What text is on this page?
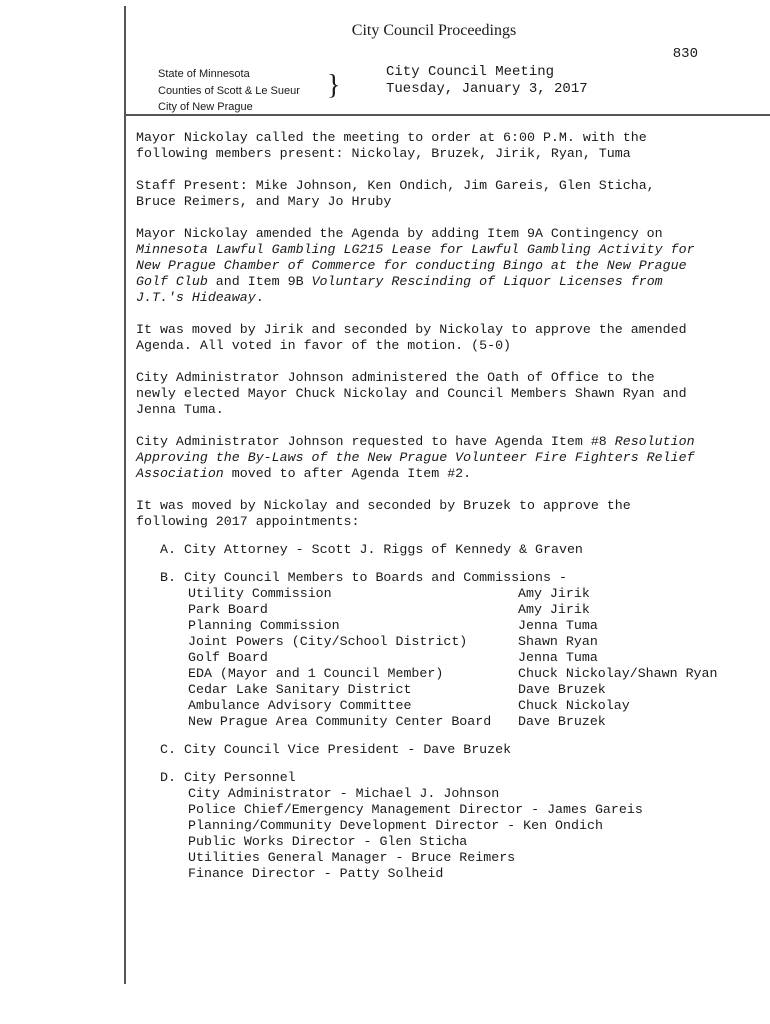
City Council Proceedings
830
State of Minnesota
Counties of Scott & Le Sueur
City of New Prague
}	City Council Meeting
Tuesday, January 3, 2017
Mayor Nickolay called the meeting to order at 6:00 P.M. with the
following members present: Nickolay, Bruzek, Jirik, Ryan, Tuma
Staff Present: Mike Johnson, Ken Ondich, Jim Gareis, Glen Sticha,
Bruce Reimers, and Mary Jo Hruby
Mayor Nickolay amended the Agenda by adding Item 9A Contingency on
Minnesota Lawful Gambling LG215 Lease for Lawful Gambling Activity for
New Prague Chamber of Commerce for conducting Bingo at the New Prague
Golf Club and Item 9B Voluntary Rescinding of Liquor Licenses from
J.T.'s Hideaway.
It was moved by Jirik and seconded by Nickolay to approve the amended
Agenda. All voted in favor of the motion. (5-0)
City Administrator Johnson administered the Oath of Office to the
newly elected Mayor Chuck Nickolay and Council Members Shawn Ryan and
Jenna Tuma.
City Administrator Johnson requested to have Agenda Item #8 Resolution
Approving the By-Laws of the New Prague Volunteer Fire Fighters Relief
Association moved to after Agenda Item #2.
It was moved by Nickolay and seconded by Bruzek to approve the
following 2017 appointments:
A. City Attorney - Scott J. Riggs of Kennedy & Graven
B. City Council Members to Boards and Commissions -
Utility Commission	Amy Jirik
Park Board	Amy Jirik
Planning Commission	Jenna Tuma
Joint Powers (City/School District)	Shawn Ryan
Golf Board	Jenna Tuma
EDA (Mayor and 1 Council Member)	Chuck Nickolay/Shawn Ryan
Cedar Lake Sanitary District	Dave Bruzek
Ambulance Advisory Committee	Chuck Nickolay
New Prague Area Community Center Board	Dave Bruzek
C. City Council Vice President - Dave Bruzek
D. City Personnel
City Administrator - Michael J. Johnson
Police Chief/Emergency Management Director - James Gareis
Planning/Community Development Director - Ken Ondich
Public Works Director - Glen Sticha
Utilities General Manager - Bruce Reimers
Finance Director - Patty Solheid
